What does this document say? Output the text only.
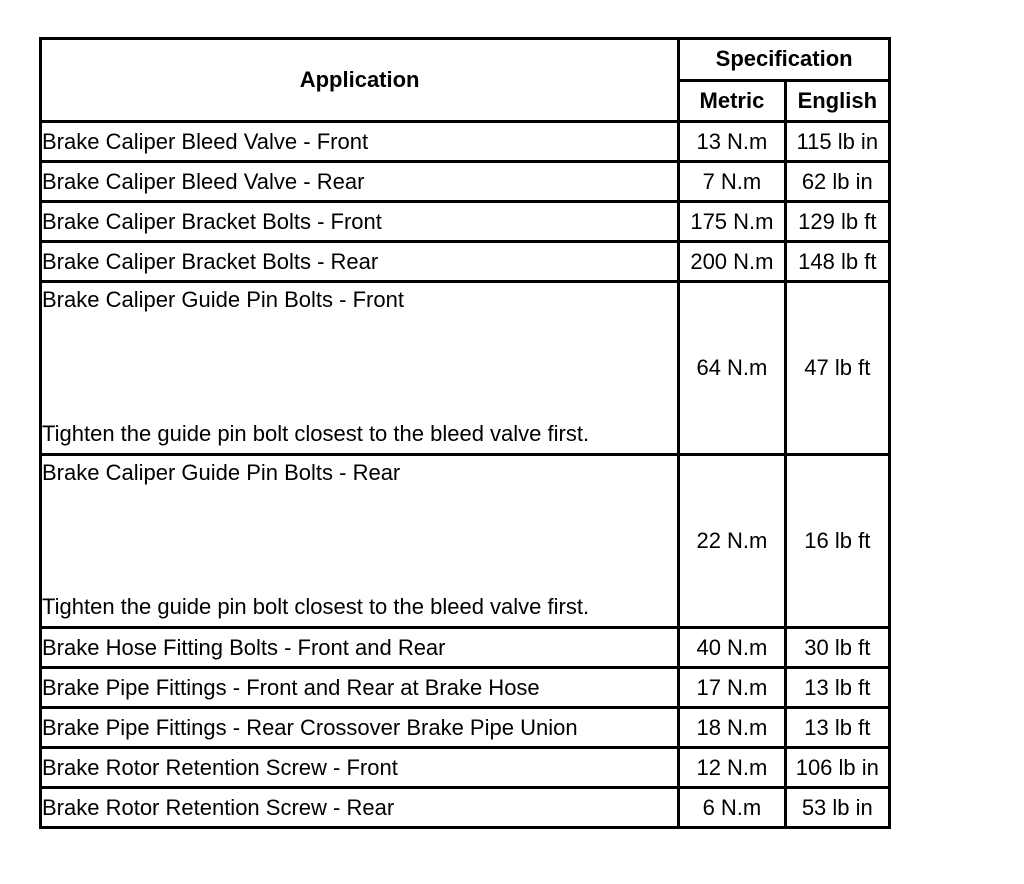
Application	Specification	
	Metric	English
Brake Caliper Bleed Valve - Front	13 N.m	115 lb in
Brake Caliper Bleed Valve - Rear	7 N.m	62 lb in
Brake Caliper Bracket Bolts - Front	175 N.m	129 lb ft
Brake Caliper Bracket Bolts - Rear	200 N.m	148 lb ft

Brake Caliper Guide Pin Bolts - Front
Tighten the guide pin bolt closest to the bleed valve first.	64 N.m	47 lb ft

Brake Caliper Guide Pin Bolts - Rear
Tighten the guide pin bolt closest to the bleed valve first.	22 N.m	16 lb ft
Brake Hose Fitting Bolts - Front and Rear	40 N.m	30 lb ft
Brake Pipe Fittings - Front and Rear at Brake Hose	17 N.m	13 lb ft
Brake Pipe Fittings - Rear Crossover Brake Pipe Union	18 N.m	13 lb ft
Brake Rotor Retention Screw - Front	12 N.m	106 lb in
Brake Rotor Retention Screw - Rear	6 N.m	53 lb in
